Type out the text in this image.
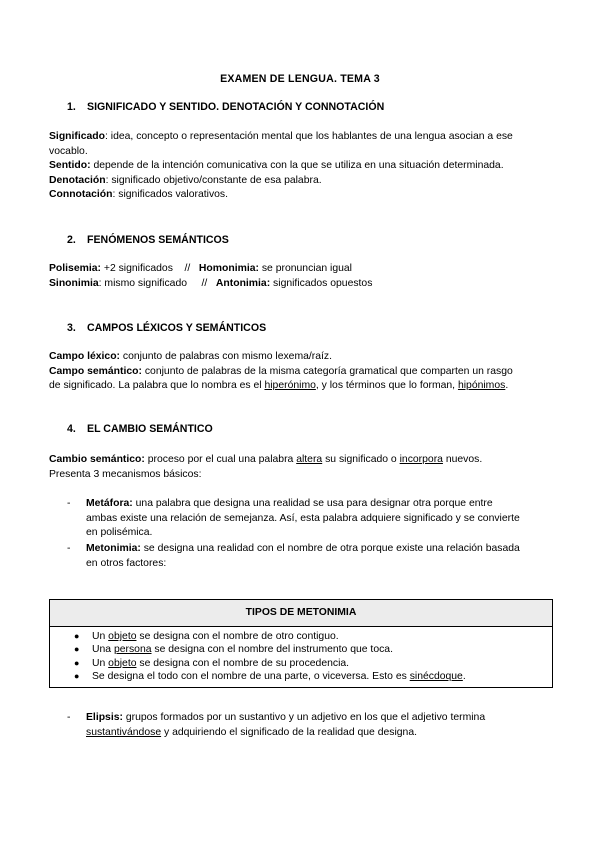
EXAMEN DE LENGUA. TEMA 3
1. SIGNIFICADO Y SENTIDO. DENOTACIÓN Y CONNOTACIÓN
Significado: idea, concepto o representación mental que los hablantes de una lengua asocian a ese
vocablo.
Sentido: depende de la intención comunicativa con la que se utiliza en una situación determinada.
Denotación: significado objetivo/constante de esa palabra.
Connotación: significados valorativos.
2. FENÓMENOS SEMÁNTICOS
Polisemia: +2 significados // Homonimia: se pronuncian igual
Sinonimia: mismo significado // Antonimia: significados opuestos
3. CAMPOS LÉXICOS Y SEMÁNTICOS
Campo léxico: conjunto de palabras con mismo lexema/raíz.
Campo semántico: conjunto de palabras de la misma categoría gramatical que comparten un rasgo
de significado. La palabra que lo nombra es el hiperónimo, y los términos que lo forman, hipónimos.
4. EL CAMBIO SEMÁNTICO
Cambio semántico: proceso por el cual una palabra altera su significado o incorpora nuevos.
Presenta 3 mecanismos básicos:
- Metáfora: una palabra que designa una realidad se usa para designar otra porque entre
ambas existe una relación de semejanza. Así, esta palabra adquiere significado y se convierte
en polisémica.
- Metonimia: se designa una realidad con el nombre de otra porque existe una relación basada
en otros factores:
TIPOS DE METONIMIA
● Un objeto se designa con el nombre de otro contiguo.
● Una persona se designa con el nombre del instrumento que toca.
● Un objeto se designa con el nombre de su procedencia.
● Se designa el todo con el nombre de una parte, o viceversa. Esto es sinécdoque.
- Elipsis: grupos formados por un sustantivo y un adjetivo en los que el adjetivo termina
sustantivándose y adquiriendo el significado de la realidad que designa.
